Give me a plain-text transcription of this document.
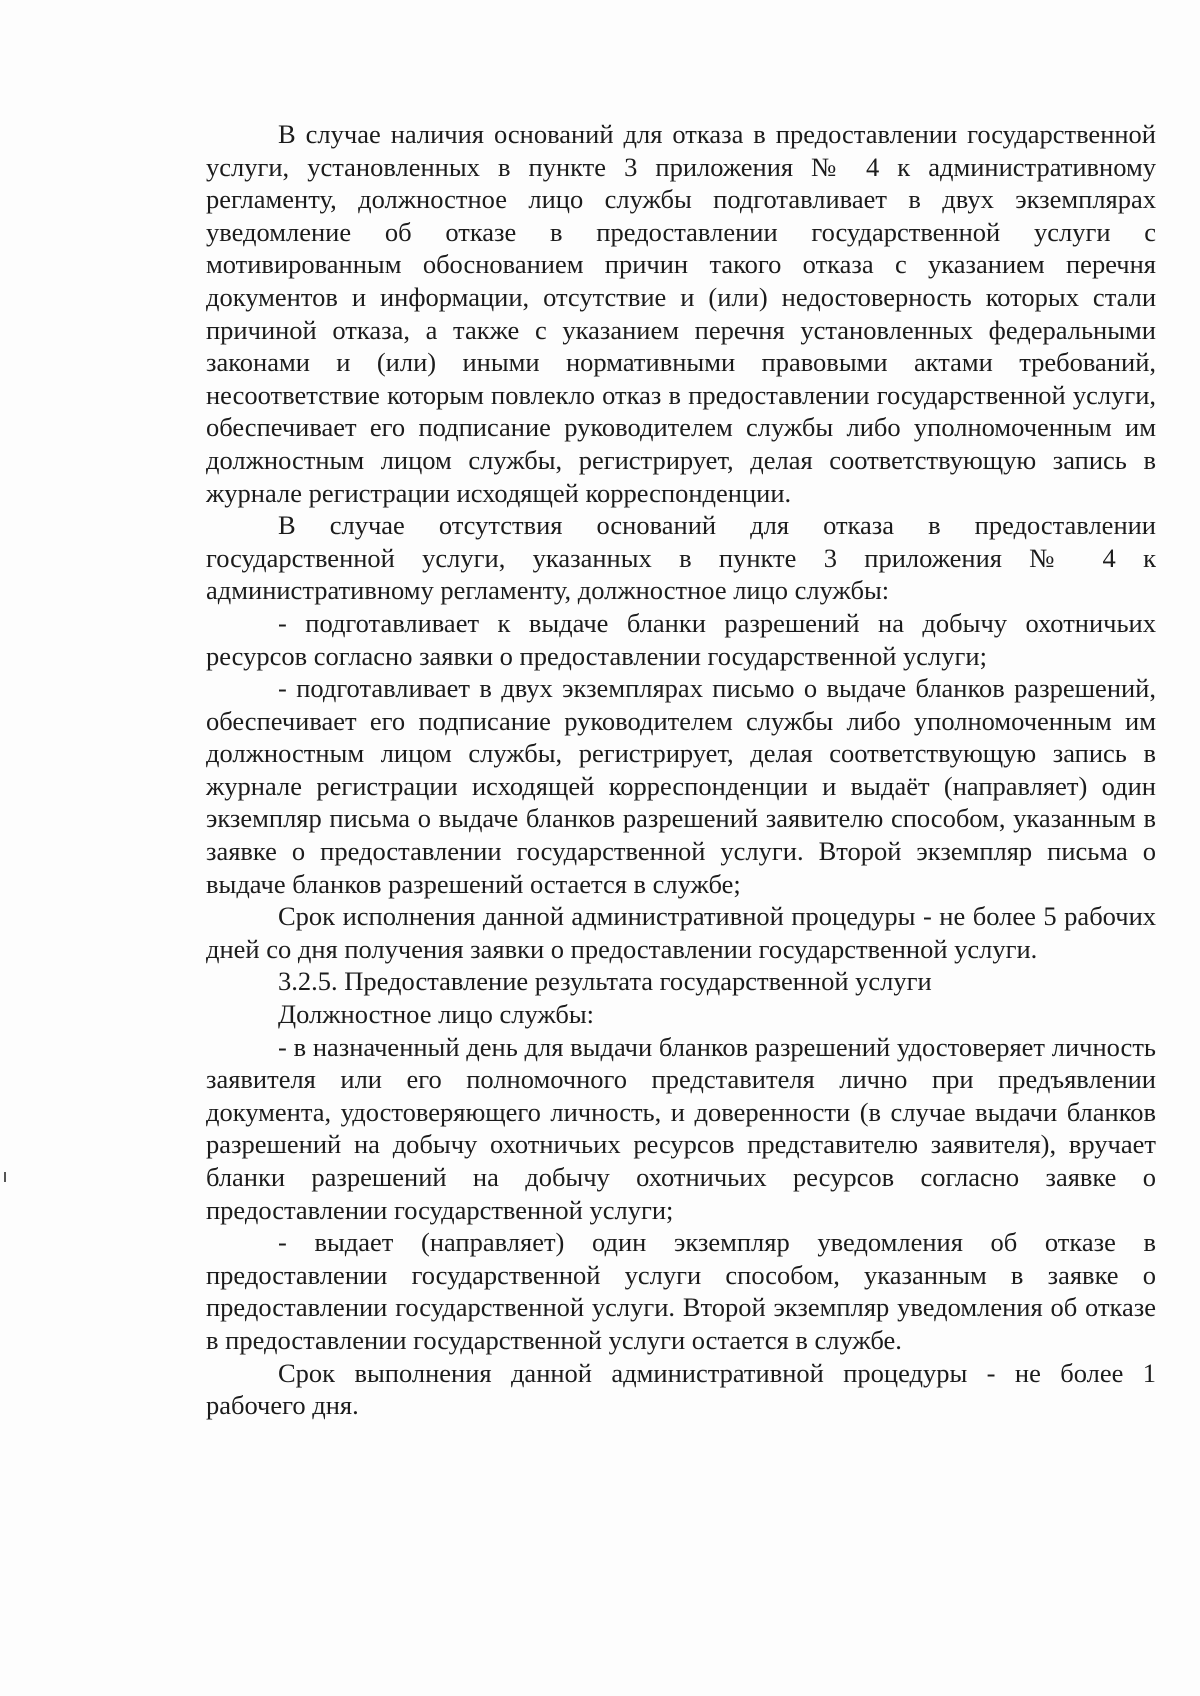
В случае наличия оснований для отказа в предоставлении государственной услуги, установленных в пункте 3 приложения № 4 к административному регламенту, должностное лицо службы подготавливает в двух экземплярах уведомление об отказе в предоставлении государственной услуги с мотивированным обоснованием причин такого отказа с указанием перечня документов и информации, отсутствие и (или) недостоверность которых стали причиной отказа, а также с указанием перечня установленных федеральными законами и (или) иными нормативными правовыми актами требований, несоответствие которым повлекло отказ в предоставлении государственной услуги, обеспечивает его подписание руководителем службы либо уполномоченным им должностным лицом службы, регистрирует, делая соответствующую запись в журнале регистрации исходящей корреспонденции.

В случае отсутствия оснований для отказа в предоставлении государственной услуги, указанных в пункте 3 приложения № 4 к административному регламенту, должностное лицо службы:

- подготавливает к выдаче бланки разрешений на добычу охотничьих ресурсов согласно заявки о предоставлении государственной услуги;

- подготавливает в двух экземплярах письмо о выдаче бланков разрешений, обеспечивает его подписание руководителем службы либо уполномоченным им должностным лицом службы, регистрирует, делая соответствующую запись в журнале регистрации исходящей корреспонденции и выдаёт (направляет) один экземпляр письма о выдаче бланков разрешений заявителю способом, указанным в заявке о предоставлении государственной услуги. Второй экземпляр письма о выдаче бланков разрешений остается в службе;

Срок исполнения данной административной процедуры - не более 5 рабочих дней со дня получения заявки о предоставлении государственной услуги.

3.2.5. Предоставление результата государственной услуги

Должностное лицо службы:

- в назначенный день для выдачи бланков разрешений удостоверяет личность заявителя или его полномочного представителя лично при предъявлении документа, удостоверяющего личность, и доверенности (в случае выдачи бланков разрешений на добычу охотничьих ресурсов представителю заявителя), вручает бланки разрешений на добычу охотничьих ресурсов согласно заявке о предоставлении государственной услуги;

- выдает (направляет) один экземпляр уведомления об отказе в предоставлении государственной услуги способом, указанным в заявке о предоставлении государственной услуги. Второй экземпляр уведомления об отказе в предоставлении государственной услуги остается в службе.

Срок выполнения данной административной процедуры - не более 1 рабочего дня.
